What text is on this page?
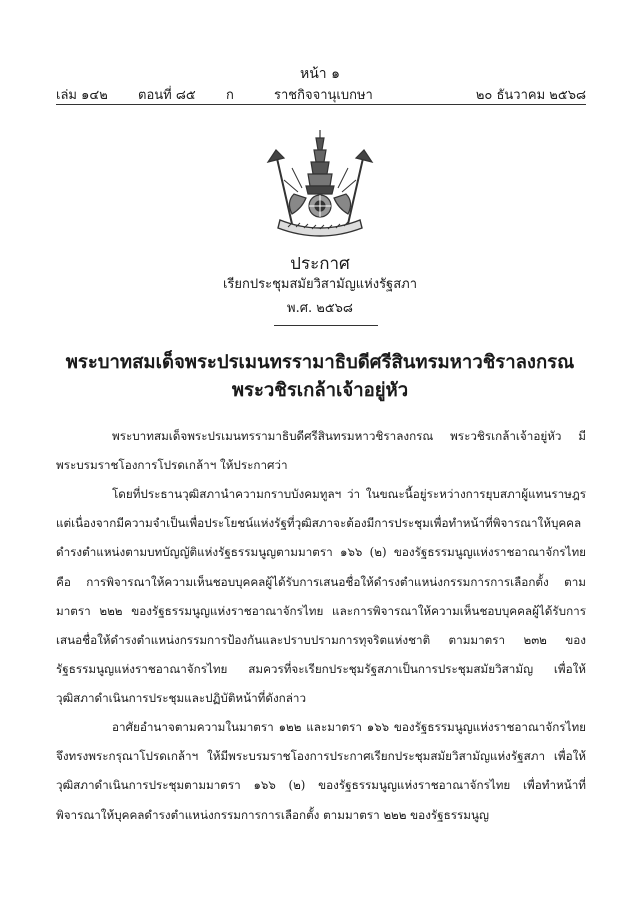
หน้า ๑
เล่ม ๑๔๒ ตอนที่ ๘๕ ก	ราชกิจจานุเบกษา	๒๐ ธันวาคม ๒๕๖๘
ประกาศ
เรียกประชุมสมัยวิสามัญแห่งรัฐสภา
พ.ศ. ๒๕๖๘
พระบาทสมเด็จพระปรเมนทรรามาธิบดีศรีสินทรมหาวชิราลงกรณ
พระวชิรเกล้าเจ้าอยู่หัว
พระบาทสมเด็จพระปรเมนทรรามาธิบดีศรีสินทรมหาวชิราลงกรณ พระวชิรเกล้าเจ้าอยู่หัว มีพระบรมราชโองการโปรดเกล้าฯ ให้ประกาศว่า
โดยที่ประธานวุฒิสภานำความกราบบังคมทูลฯ ว่า ในขณะนี้อยู่ระหว่างการยุบสภาผู้แทนราษฎร แต่เนื่องจากมีความจำเป็นเพื่อประโยชน์แห่งรัฐที่วุฒิสภาจะต้องมีการประชุมเพื่อทำหน้าที่พิจารณาให้บุคคลดำรงตำแหน่งตามบทบัญญัติแห่งรัฐธรรมนูญตามมาตรา ๑๖๖ (๒) ของรัฐธรรมนูญแห่งราชอาณาจักรไทย คือ การพิจารณาให้ความเห็นชอบบุคคลผู้ได้รับการเสนอชื่อให้ดำรงตำแหน่งกรรมการการเลือกตั้ง ตามมาตรา ๒๒๒ ของรัฐธรรมนูญแห่งราชอาณาจักรไทย และการพิจารณาให้ความเห็นชอบบุคคลผู้ได้รับการเสนอชื่อให้ดำรงตำแหน่งกรรมการป้องกันและปราบปรามการทุจริตแห่งชาติ ตามมาตรา ๒๓๒ ของรัฐธรรมนูญแห่งราชอาณาจักรไทย สมควรที่จะเรียกประชุมรัฐสภาเป็นการประชุมสมัยวิสามัญ เพื่อให้วุฒิสภาดำเนินการประชุมและปฏิบัติหน้าที่ดังกล่าว
อาศัยอำนาจตามความในมาตรา ๑๒๒ และมาตรา ๑๖๖ ของรัฐธรรมนูญแห่งราชอาณาจักรไทย จึงทรงพระกรุณาโปรดเกล้าฯ ให้มีพระบรมราชโองการประกาศเรียกประชุมสมัยวิสามัญแห่งรัฐสภา เพื่อให้วุฒิสภาดำเนินการประชุมตามมาตรา ๑๖๖ (๒) ของรัฐธรรมนูญแห่งราชอาณาจักรไทย เพื่อทำหน้าที่พิจารณาให้บุคคลดำรงตำแหน่งกรรมการการเลือกตั้ง ตามมาตรา ๒๒๒ ของรัฐธรรมนูญ
